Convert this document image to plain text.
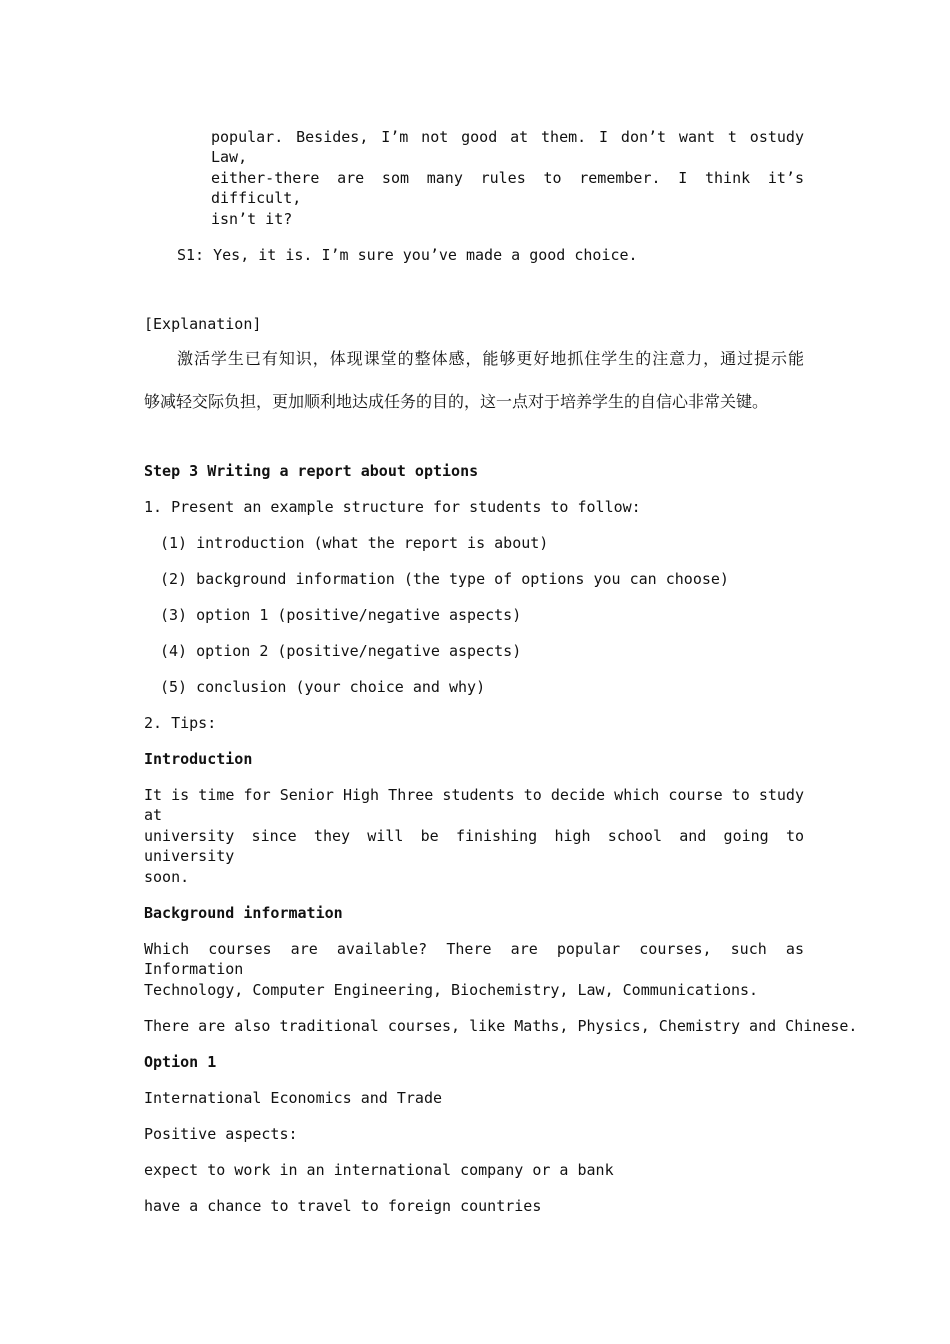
popular. Besides, I’m not good at them. I don’t want t ostudy Law,
either-there are som many rules to remember. I think it’s difficult,
isn’t it?
S1: Yes, it is. I’m sure you’ve made a good choice.
[Explanation]
激活学生已有知识，体现课堂的整体感，能够更好地抓住学生的注意力，通过提示能
够减轻交际负担，更加顺利地达成任务的目的，这一点对于培养学生的自信心非常关键。
Step 3 Writing a report about options
1. Present an example structure for students to follow:
(1) introduction (what the report is about)
(2) background information (the type of options you can choose)
(3) option 1 (positive/negative aspects)
(4) option 2 (positive/negative aspects)
(5) conclusion (your choice and why)
2. Tips:
Introduction
It is time for Senior High Three students to decide which course to study at
university since they will be finishing high school and going to university
soon.
Background information
Which courses are available? There are popular courses, such as Information
Technology, Computer Engineering, Biochemistry, Law, Communications.
There are also traditional courses, like Maths, Physics, Chemistry and Chinese.
Option 1
International Economics and Trade
Positive aspects:
expect to work in an international company or a bank
have a chance to travel to foreign countries
